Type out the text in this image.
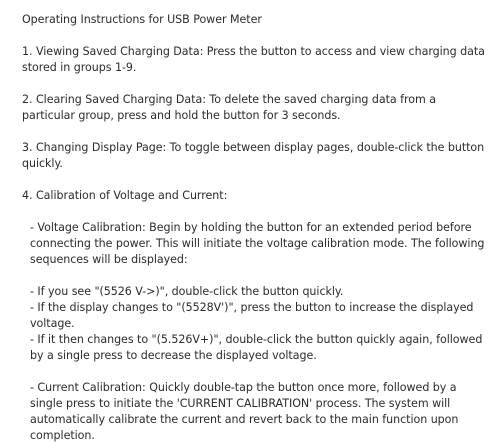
Operating Instructions for USB Power Meter

1. Viewing Saved Charging Data: Press the button to access and view charging data stored in groups 1-9.

2. Clearing Saved Charging Data: To delete the saved charging data from a particular group, press and hold the button for 3 seconds.

3. Changing Display Page: To toggle between display pages, double-click the button quickly.

4. Calibration of Voltage and Current:

- Voltage Calibration: Begin by holding the button for an extended period before connecting the power. This will initiate the voltage calibration mode. The following sequences will be displayed:

- If you see "(5526 V->)", double-click the button quickly.

- If the display changes to "(5528V')", press the button to increase the displayed voltage.

- If it then changes to "(5.526V+)", double-click the button quickly again, followed by a single press to decrease the displayed voltage.

- Current Calibration: Quickly double-tap the button once more, followed by a single press to initiate the 'CURRENT CALIBRATION' process. The system will automatically calibrate the current and revert back to the main function upon completion.
